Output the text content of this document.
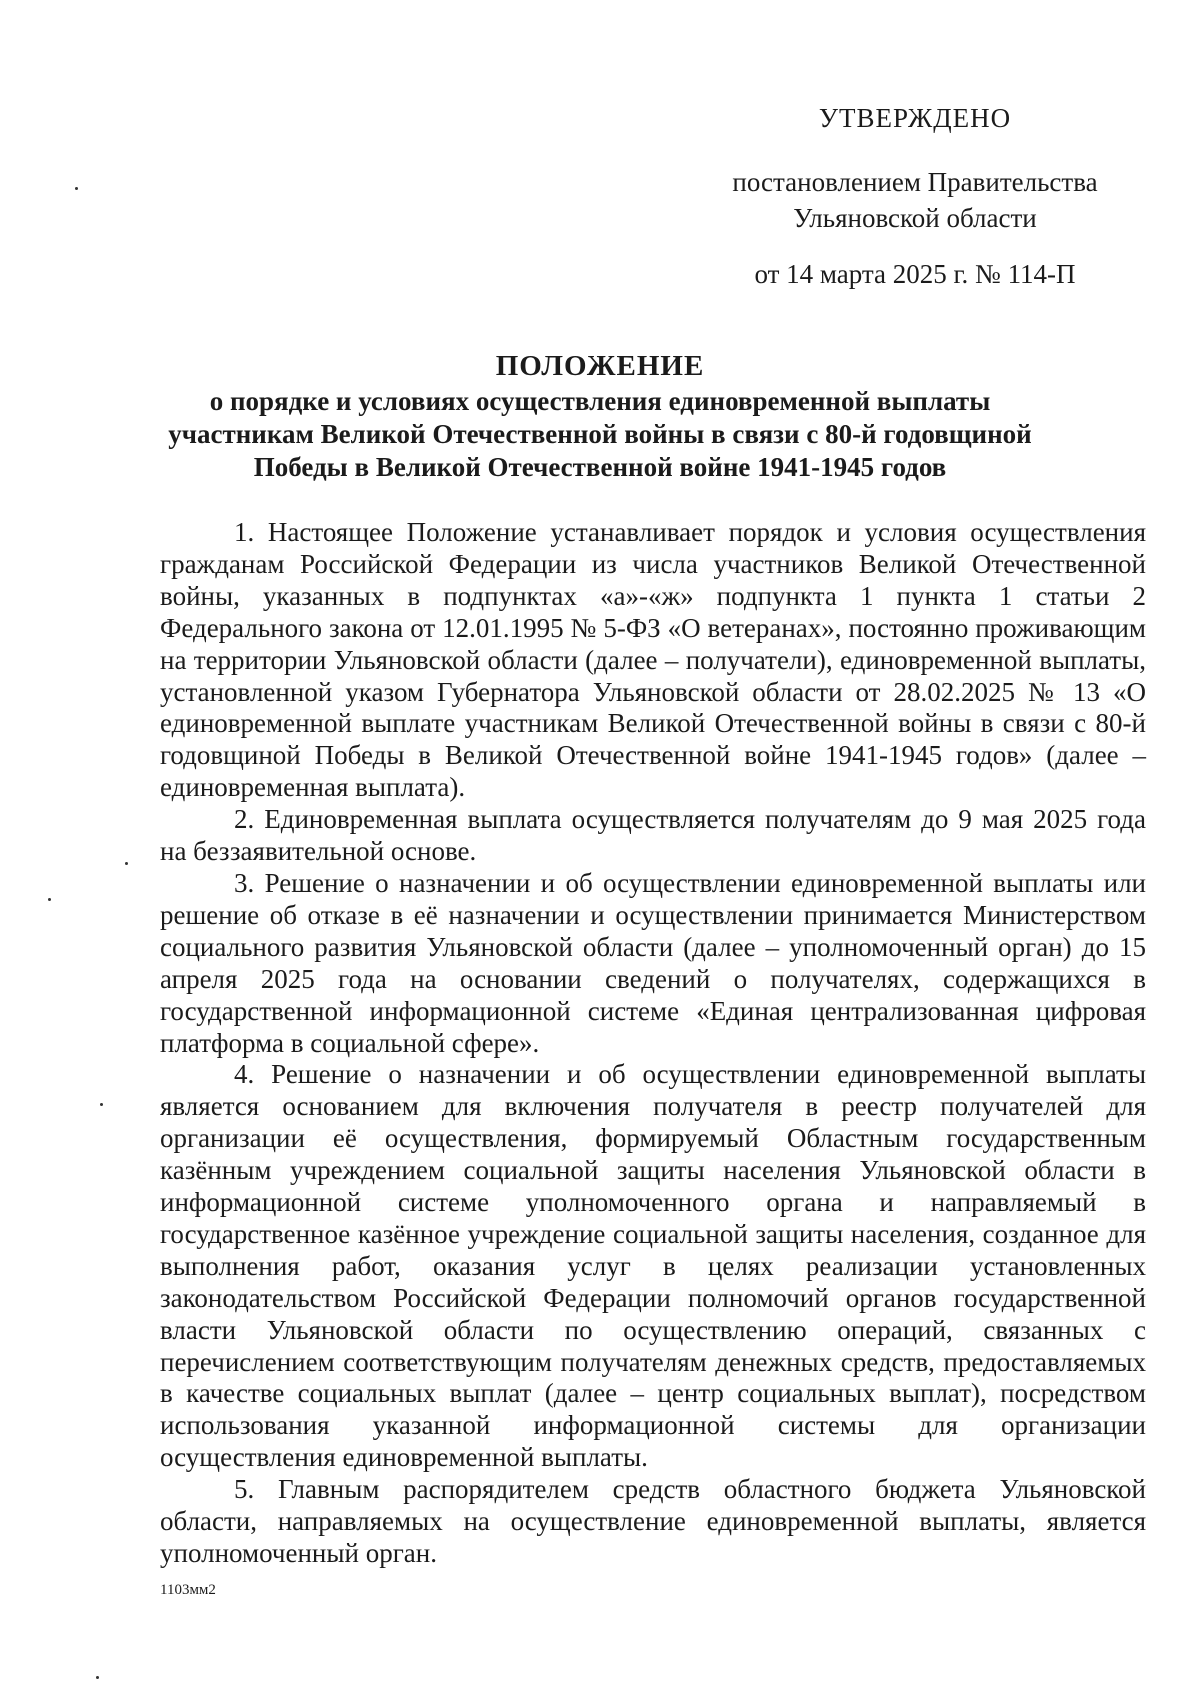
УТВЕРЖДЕНО
постановлением Правительства
Ульяновской области
от 14 марта 2025 г. № 114-П
ПОЛОЖЕНИЕ
о порядке и условиях осуществления единовременной выплаты
участникам Великой Отечественной войны в связи с 80-й годовщиной
Победы в Великой Отечественной войне 1941-1945 годов

1. Настоящее Положение устанавливает порядок и условия осуществления гражданам Российской Федерации из числа участников Великой Отечественной войны, указанных в подпунктах «а»-«ж» подпункта 1 пункта 1 статьи 2 Федерального закона от 12.01.1995 № 5-ФЗ «О ветеранах», постоянно проживающим на территории Ульяновской области (далее – получатели), единовременной выплаты, установленной указом Губернатора Ульяновской области от 28.02.2025 № 13 «О единовременной выплате участникам Великой Отечественной войны в связи с 80-й годовщиной Победы в Великой Отечественной войне 1941-1945 годов» (далее – единовременная выплата).

2. Единовременная выплата осуществляется получателям до 9 мая 2025 года на беззаявительной основе.

3. Решение о назначении и об осуществлении единовременной выплаты или решение об отказе в её назначении и осуществлении принимается Министерством социального развития Ульяновской области (далее – уполномоченный орган) до 15 апреля 2025 года на основании сведений о получателях, содержащихся в государственной информационной системе «Единая централизованная цифровая платформа в социальной сфере».

4. Решение о назначении и об осуществлении единовременной выплаты является основанием для включения получателя в реестр получателей для организации её осуществления, формируемый Областным государственным казённым учреждением социальной защиты населения Ульяновской области в информационной системе уполномоченного органа и направляемый в государственное казённое учреждение социальной защиты населения, созданное для выполнения работ, оказания услуг в целях реализации установленных законодательством Российской Федерации полномочий органов государственной власти Ульяновской области по осуществлению операций, связанных с перечислением соответствующим получателям денежных средств, предоставляемых в качестве социальных выплат (далее – центр социальных выплат), посредством использования указанной информационной системы для организации осуществления единовременной выплаты.

5. Главным распорядителем средств областного бюджета Ульяновской области, направляемых на осуществление единовременной выплаты, является уполномоченный орган.

1103мм2
